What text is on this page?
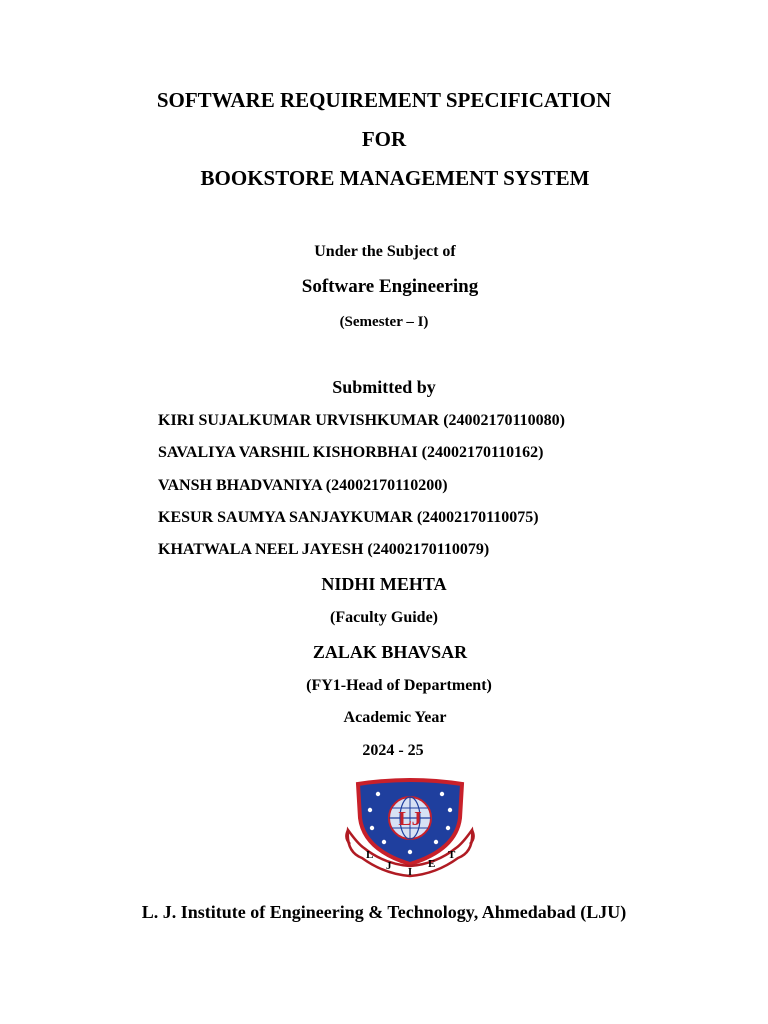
SOFTWARE REQUIREMENT SPECIFICATION

FOR

BOOKSTORE MANAGEMENT SYSTEM

Under the Subject of

Software Engineering

(Semester – I)

Submitted by

KIRI SUJALKUMAR URVISHKUMAR (24002170110080)
SAVALIYA VARSHIL KISHORBHAI (24002170110162)
VANSH BHADVANIYA (24002170110200)
KESUR SAUMYA SANJAYKUMAR (24002170110075)
KHATWALA NEEL JAYESH (24002170110079)

NIDHI MEHTA

(Faculty Guide)

ZALAK BHAVSAR

(FY1-Head of Department)

Academic Year

2024 - 25

LJ
L
J I
E
T

L. J. Institute of Engineering & Technology, Ahmedabad (LJU)
